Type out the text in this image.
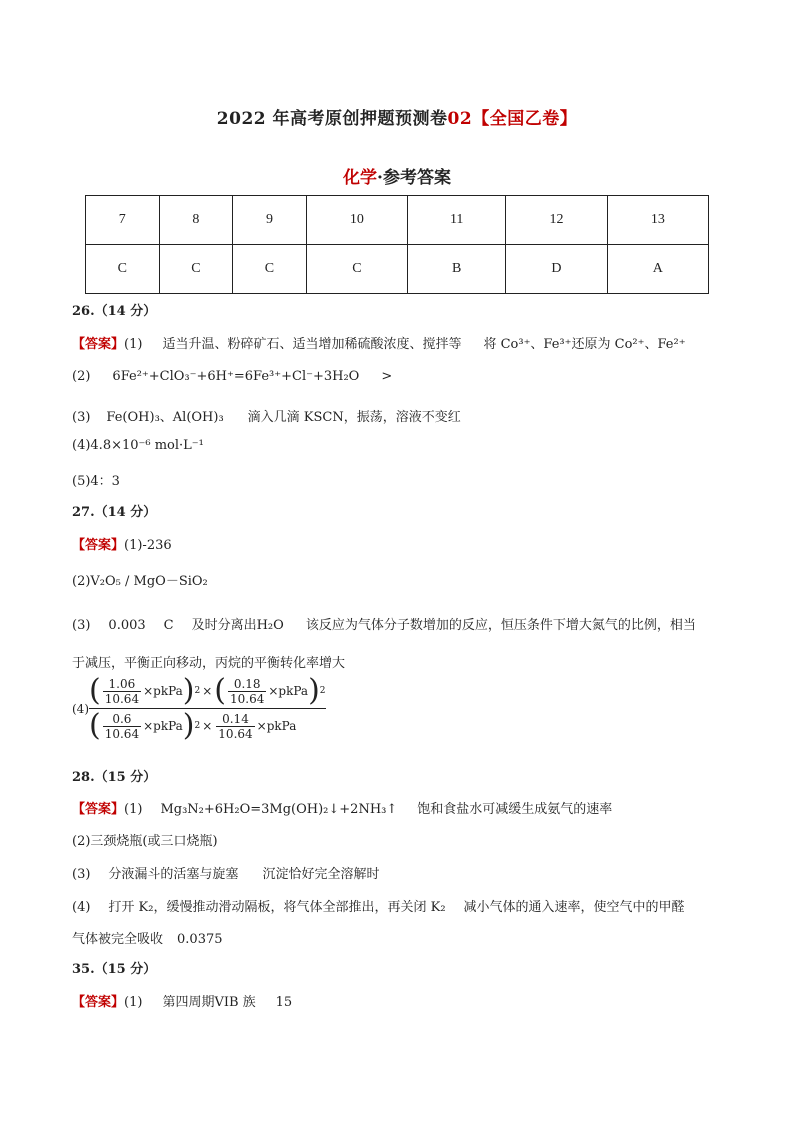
2022 年高考原创押题预测卷02【全国乙卷】
化学·参考答案
7	8	9	10	11	12	13
C	C	C	C	B	D	A
26.（14 分）
【答案】(1) 适当升温、粉碎矿石、适当增加稀硫酸浓度、搅拌等 将 Co³⁺、Fe³⁺还原为 Co²⁺、Fe²⁺
(2) 6Fe²⁺+ClO₃⁻+6H⁺=6Fe³⁺+Cl⁻+3H₂O >
(3) Fe(OH)₃、Al(OH)₃ 滴入几滴 KSCN，振荡，溶液不变红
(4)4.8×10⁻⁶ mol·L⁻¹
(5)4：3
27.（14 分）
【答案】(1)-236
(2)V₂O₅ / MgO－SiO₂
(3) 0.003 C 及时分离出H₂O 该反应为气体分子数增加的反应，恒压条件下增大氮气的比例，相当
于减压，平衡正向移动，丙烷的平衡转化率增大
(4)
( $\frac{1.06}{10.64}$ ×pkPa ) 2 × ( $\frac{0.18}{10.64}$ ×pkPa ) 2
( $\frac{0.6}{10.64}$ ×pkPa ) $2 \times \frac{0.14}{10.64}$ ×pkPa
28.（15 分）
【答案】(1) Mg₃N₂+6H₂O=3Mg(OH)₂↓+2NH₃↑ 饱和食盐水可减缓生成氨气的速率
(2)三颈烧瓶(或三口烧瓶)
(3) 分液漏斗的活塞与旋塞 沉淀恰好完全溶解时
(4) 打开 K₂，缓慢推动滑动隔板，将气体全部推出，再关闭 K₂ 减小气体的通入速率，使空气中的甲醛
气体被完全吸收 0.0375
35.（15 分）
【答案】(1) 第四周期VIB 族 15
